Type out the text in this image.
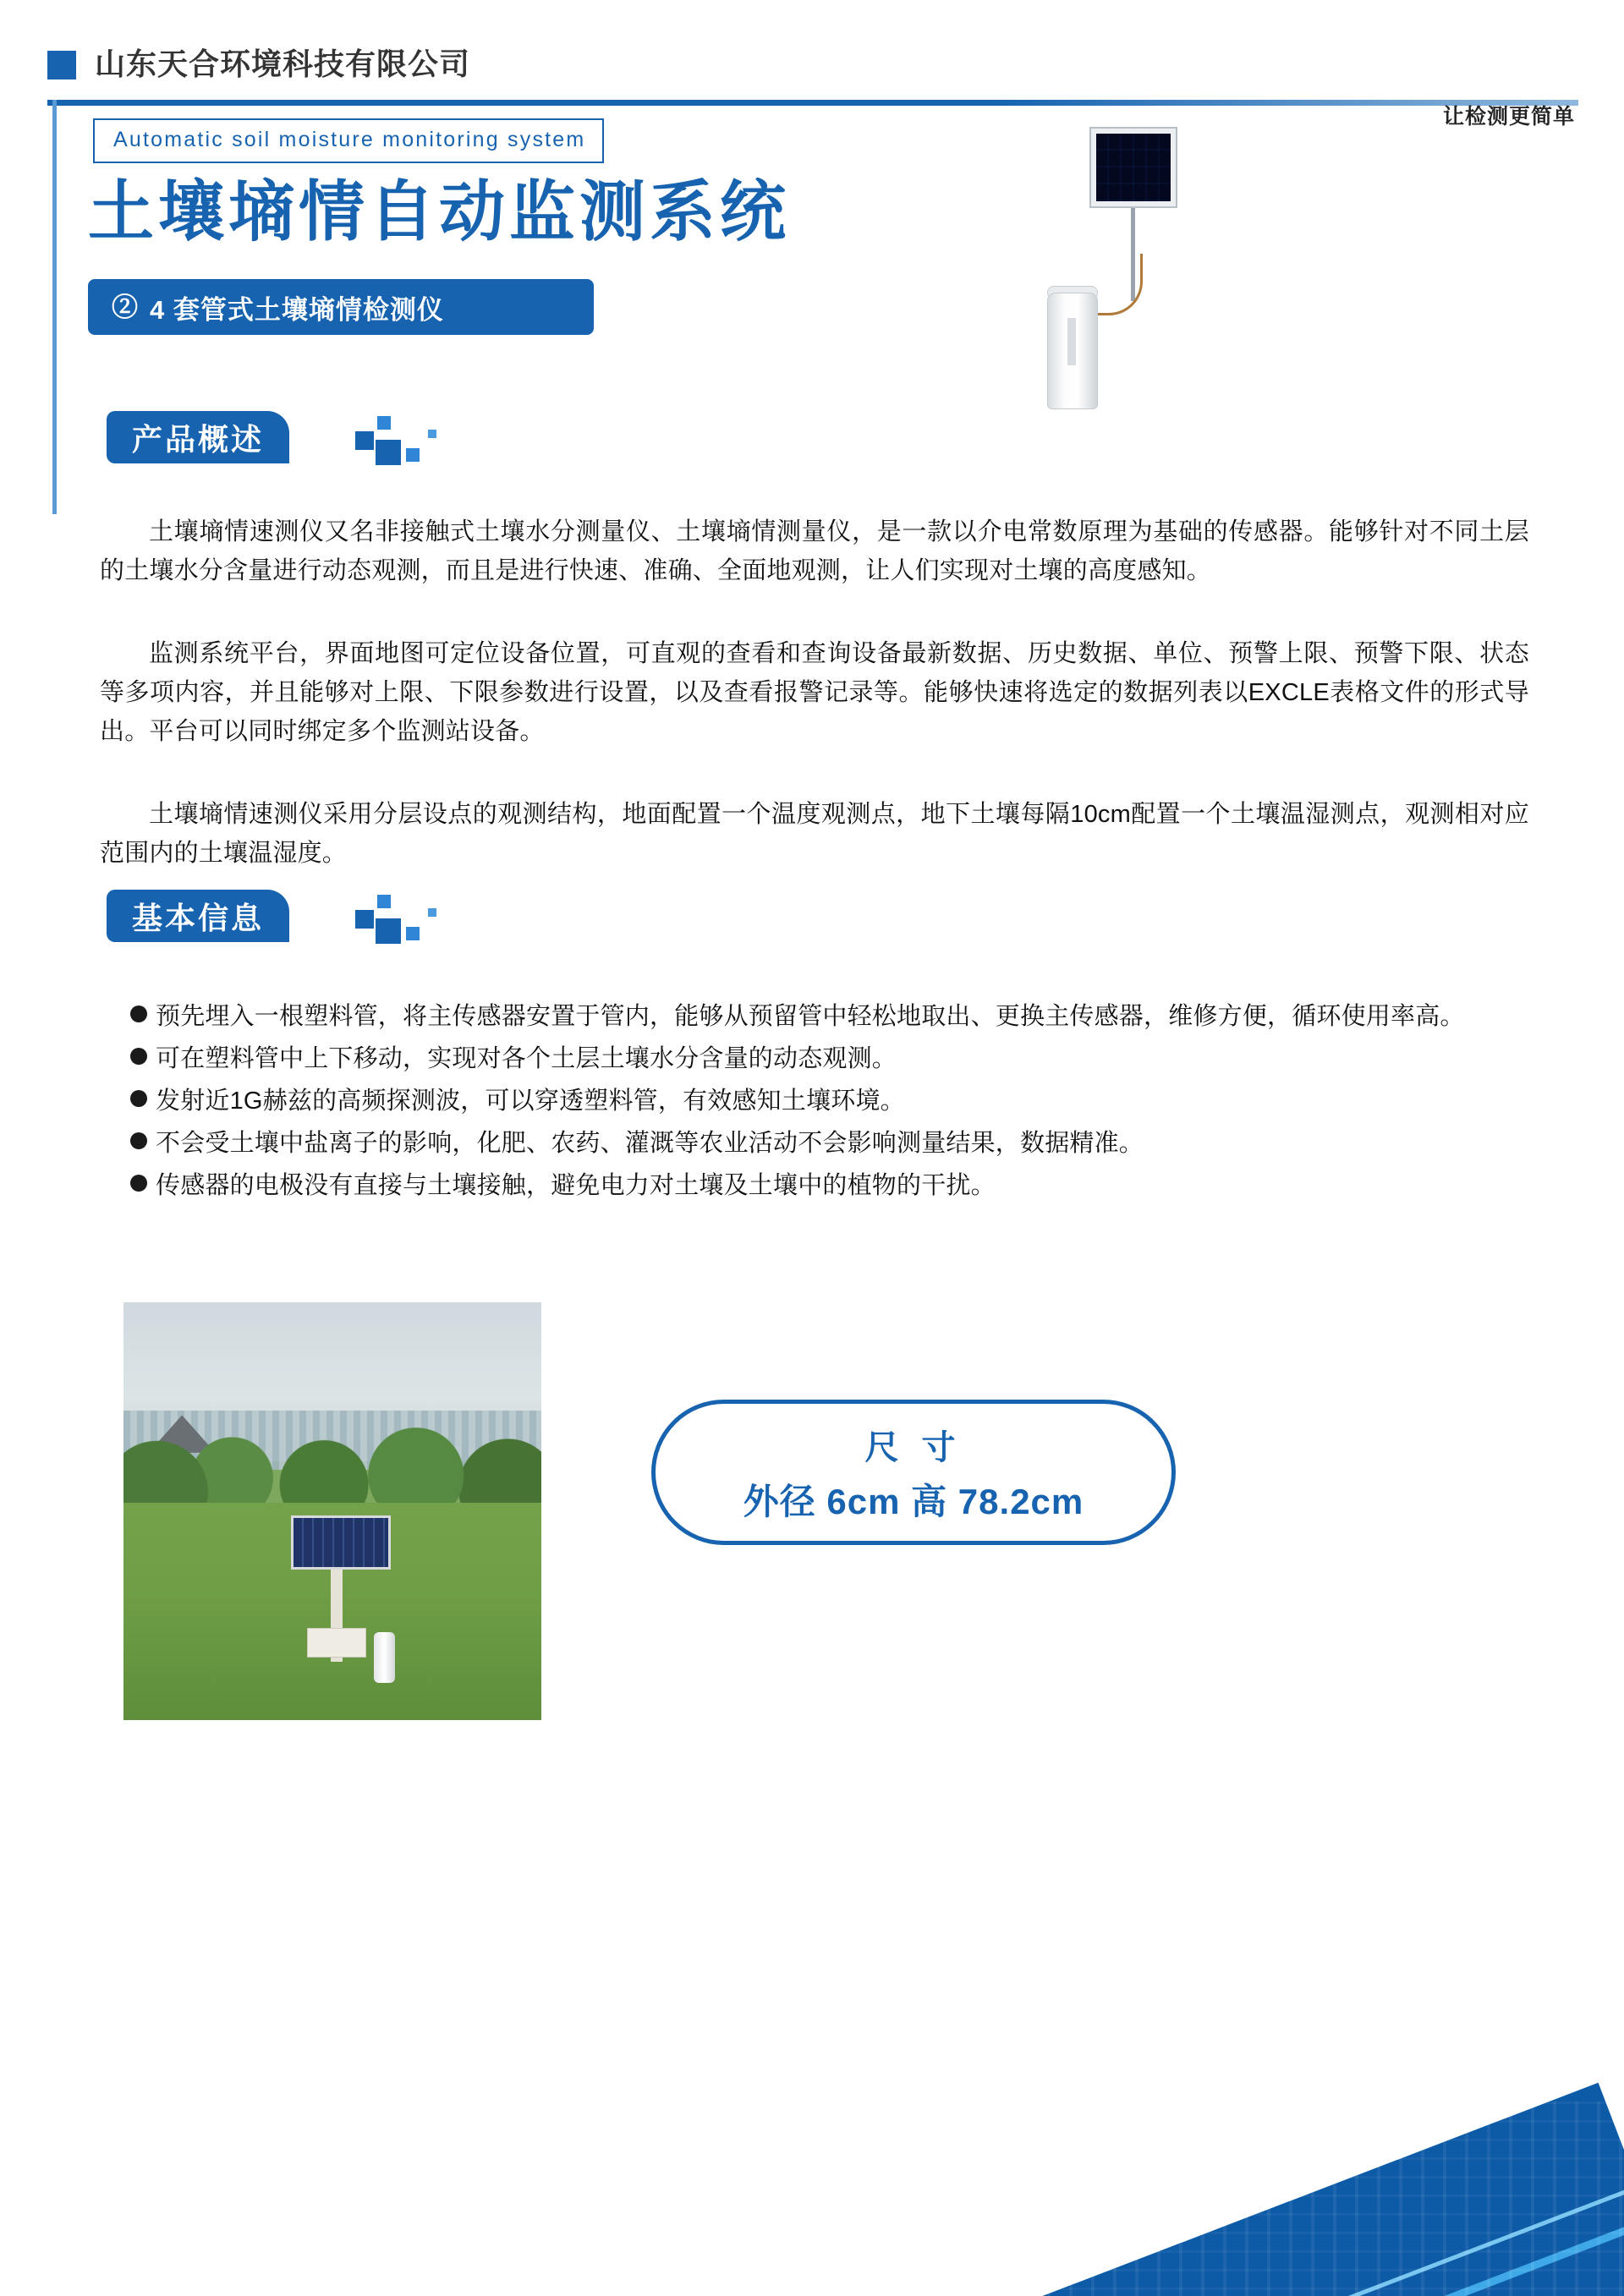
山东天合环境科技有限公司
让检测更简单
Automatic soil moisture monitoring system
土壤墒情自动监测系统
② 4 套管式土壤墒情检测仪
产品概述
土壤墒情速测仪又名非接触式土壤水分测量仪、土壤墒情测量仪，是一款以介电常数原理为基础的传感器。能够针对不同土层的土壤水分含量进行动态观测，而且是进行快速、准确、全面地观测，让人们实现对土壤的高度感知。
监测系统平台，界面地图可定位设备位置，可直观的查看和查询设备最新数据、历史数据、单位、预警上限、预警下限、状态等多项内容，并且能够对上限、下限参数进行设置，以及查看报警记录等。能够快速将选定的数据列表以EXCLE表格文件的形式导出。平台可以同时绑定多个监测站设备。
土壤墒情速测仪采用分层设点的观测结构，地面配置一个温度观测点，地下土壤每隔10cm配置一个土壤温湿测点，观测相对应范围内的土壤温湿度。
基本信息
预先埋入一根塑料管，将主传感器安置于管内，能够从预留管中轻松地取出、更换主传感器，维修方便，循环使用率高。
可在塑料管中上下移动，实现对各个土层土壤水分含量的动态观测。
发射近1G赫兹的高频探测波，可以穿透塑料管，有效感知土壤环境。
不会受土壤中盐离子的影响，化肥、农药、灌溉等农业活动不会影响测量结果，数据精准。
传感器的电极没有直接与土壤接触，避免电力对土壤及土壤中的植物的干扰。
尺 寸
外径 6cm 高 78.2cm
